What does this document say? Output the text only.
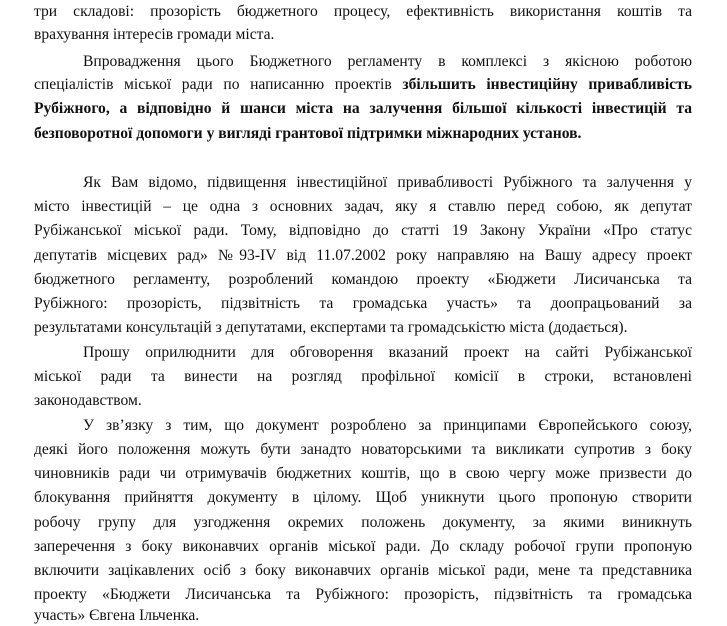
три складові: прозорість бюджетного процесу, ефективність використання коштів та
врахування інтересів громади міста.
Впровадження цього Бюджетного регламенту в комплексі з якісною роботою
спеціалістів міської ради по написанню проектів збільшить інвестиційну привабливість
Рубіжного, а відповідно й шанси міста на залучення більшої кількості інвестицій та
безповоротної допомоги у вигляді грантової підтримки міжнародних установ.
Як Вам відомо, підвищення інвестиційної привабливості Рубіжного та залучення у
місто інвестицій – це одна з основних задач, яку я ставлю перед собою, як депутат
Рубіжанської міської ради. Тому, відповідно до статті 19 Закону України «Про статус
депутатів місцевих рад» №93-IV від 11.07.2002 року направляю на Вашу адресу проект
бюджетного регламенту, розроблений командою проекту «Бюджети Лисичанська та
Рубіжного: прозорість, підзвітність та громадська участь» та доопрацьований за
результатами консультацій з депутатами, експертами та громадськістю міста (додається).
Прошу оприлюднити для обговорення вказаний проект на сайті Рубіжанської
міської ради та винести на розгляд профільної комісії в строки, встановлені
законодавством.
У зв’язку з тим, що документ розроблено за принципами Європейського союзу,
деякі його положення можуть бути занадто новаторськими та викликати супротив з боку
чиновників ради чи отримувачів бюджетних коштів, що в свою чергу може призвести до
блокування прийняття документу в цілому. Щоб уникнути цього пропоную створити
робочу групу для узгодження окремих положень документу, за якими виникнуть
заперечення з боку виконавчих органів міської ради. До складу робочої групи пропоную
включити зацікавлених осіб з боку виконавчих органів міської ради, мене та представника
проекту «Бюджети Лисичанська та Рубіжного: прозорість, підзвітність та громадська
участь» Євгена Ільченка.
